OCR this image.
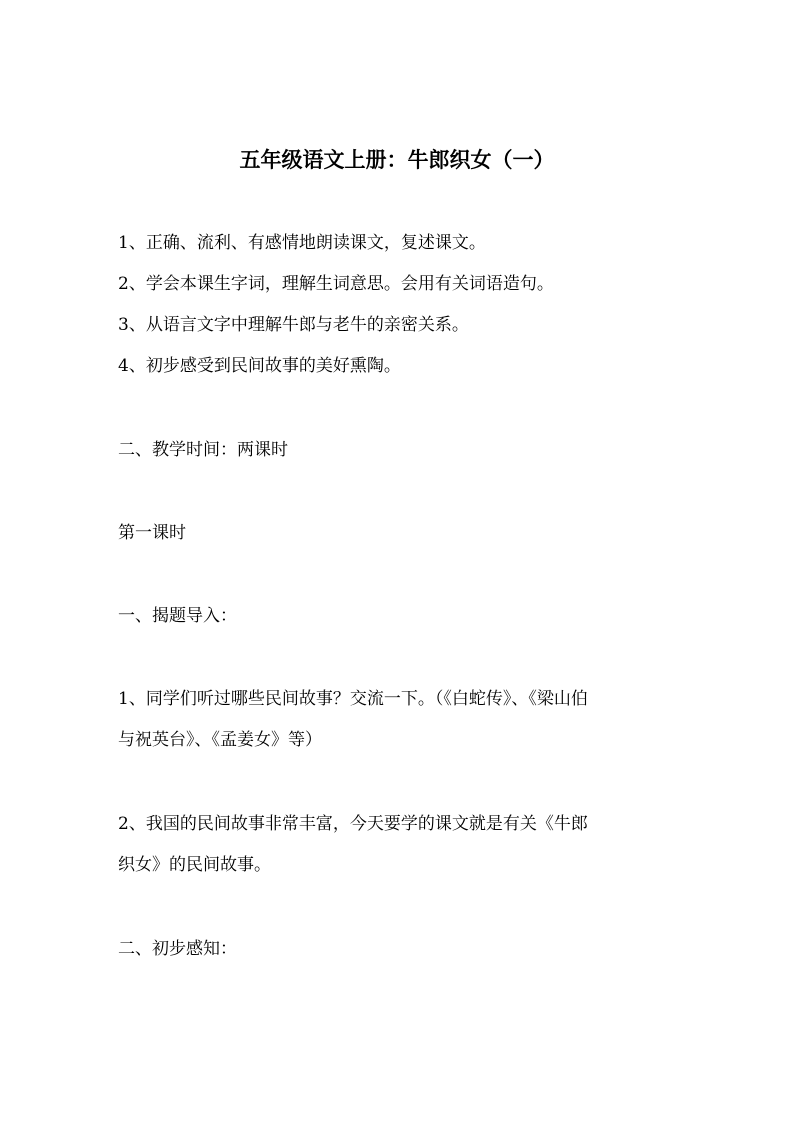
五年级语文上册：牛郎织女（一）
1、正确、流利、有感情地朗读课文，复述课文。
2、学会本课生字词，理解生词意思。会用有关词语造句。
3、从语言文字中理解牛郎与老牛的亲密关系。
4、初步感受到民间故事的美好熏陶。
二、教学时间：两课时
第一课时
一、揭题导入：
1、同学们听过哪些民间故事？交流一下。（《白蛇传》、《梁山伯
与祝英台》、《孟姜女》等）
2、我国的民间故事非常丰富，今天要学的课文就是有关《牛郎
织女》的民间故事。
二、初步感知：
